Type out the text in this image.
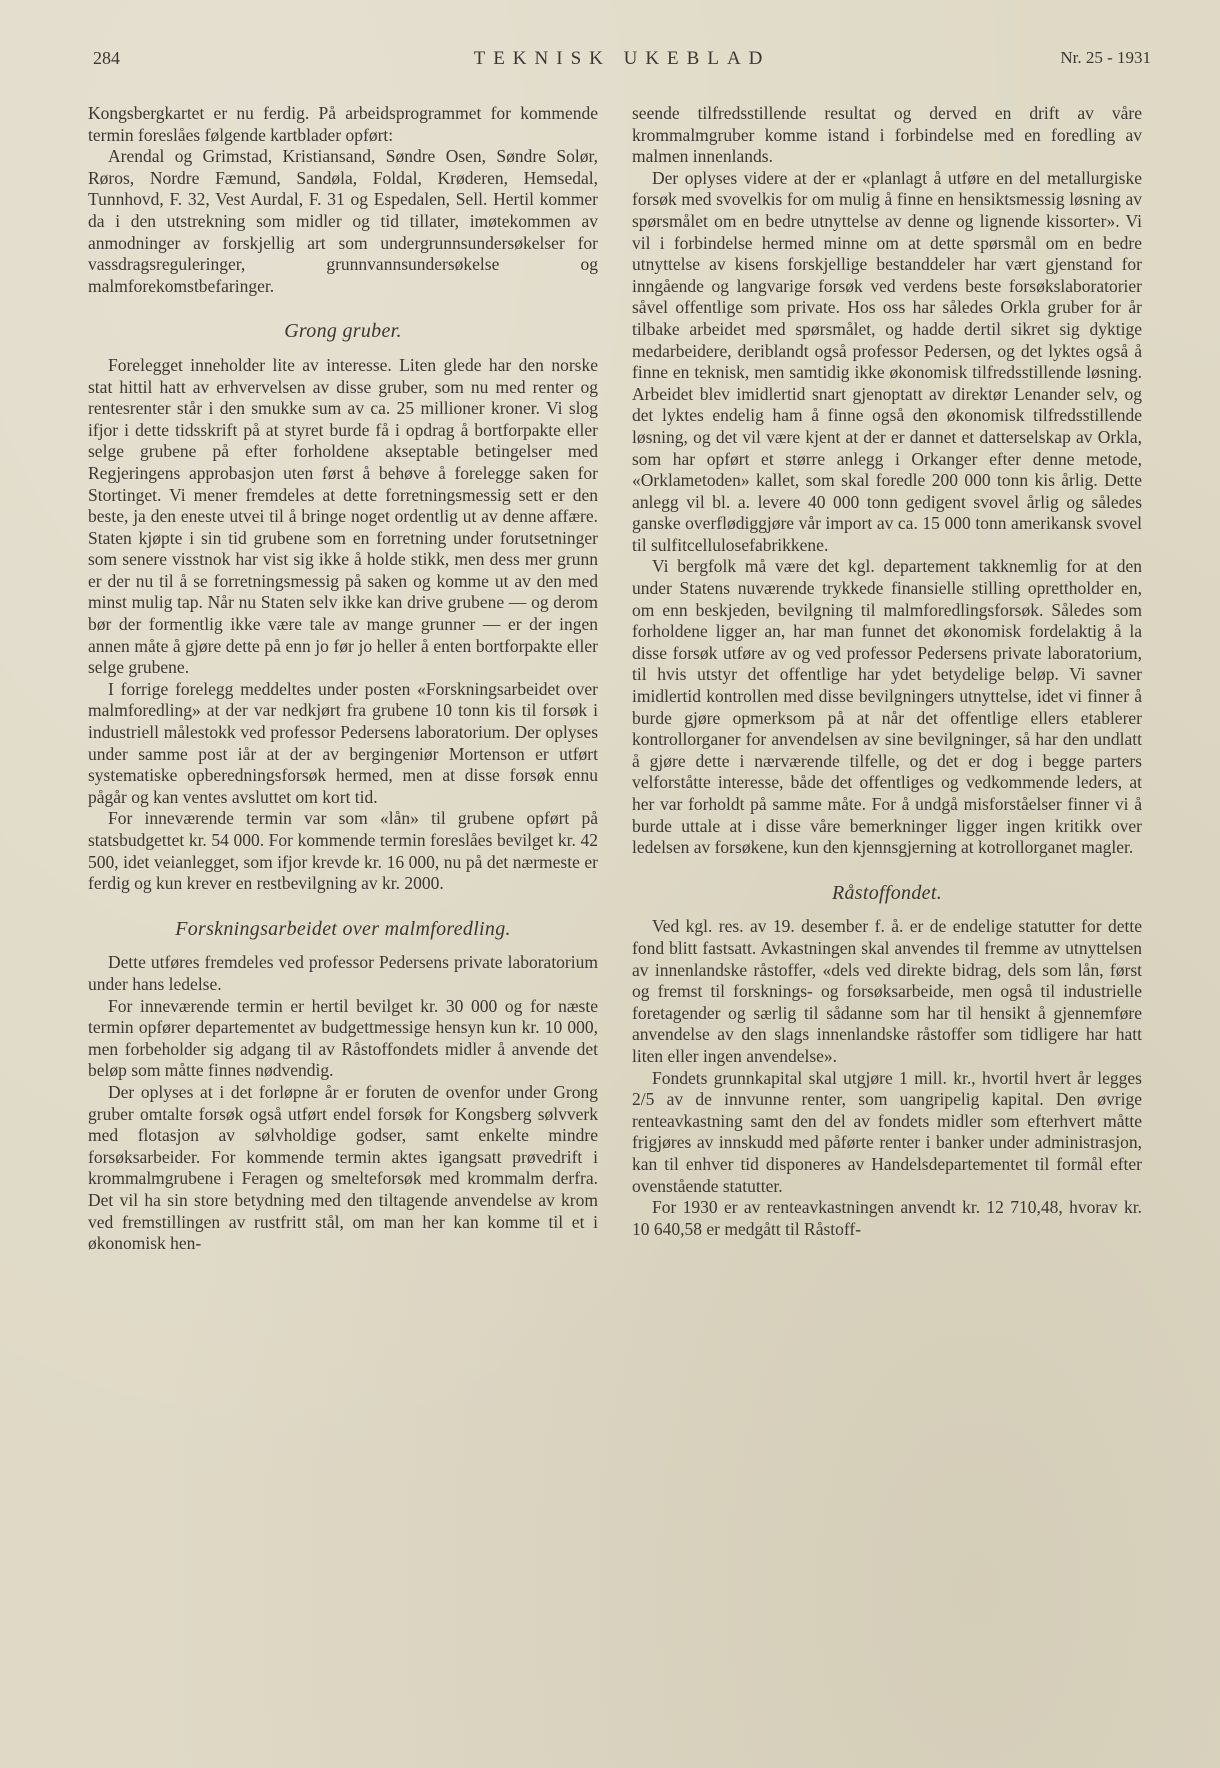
284	TEKNISK UKEBLAD	Nr. 25 - 1931

Kongsbergkartet er nu ferdig. På arbeidsprogrammet for kommende termin foreslåes følgende kartblader opført:

Arendal og Grimstad, Kristiansand, Søndre Osen, Søndre Solør, Røros, Nordre Fæmund, Sandøla, Foldal, Krøderen, Hemsedal, Tunnhovd, F. 32, Vest Aurdal, F. 31 og Espedalen, Sell. Hertil kommer da i den utstrekning som midler og tid tillater, imøtekommen av anmodninger av forskjellig art som undergrunnsundersøkelser for vassdragsreguleringer, grunnvannsundersøkelse og malmforekomstbefaringer.

Grong gruber.

Forelegget inneholder lite av interesse. Liten glede har den norske stat hittil hatt av erhvervelsen av disse gruber, som nu med renter og rentesrenter står i den smukke sum av ca. 25 millioner kroner. Vi slog ifjor i dette tidsskrift på at styret burde få i opdrag å bortforpakte eller selge grubene på efter forholdene akseptable betingelser med Regjeringens approbasjon uten først å behøve å forelegge saken for Stortinget. Vi mener fremdeles at dette forretningsmessig sett er den beste, ja den eneste utvei til å bringe noget ordentlig ut av denne affære. Staten kjøpte i sin tid grubene som en forretning under forutsetninger som senere visstnok har vist sig ikke å holde stikk, men dess mer grunn er der nu til å se forretningsmessig på saken og komme ut av den med minst mulig tap. Når nu Staten selv ikke kan drive grubene — og derom bør der formentlig ikke være tale av mange grunner — er der ingen annen måte å gjøre dette på enn jo før jo heller å enten bortforpakte eller selge grubene.

I forrige forelegg meddeltes under posten «Forskningsarbeidet over malmforedling» at der var nedkjørt fra grubene 10 tonn kis til forsøk i industriell målestokk ved professor Pedersens laboratorium. Der oplyses under samme post iår at der av bergingeniør Mortenson er utført systematiske opberedningsforsøk hermed, men at disse forsøk ennu pågår og kan ventes avsluttet om kort tid.

For inneværende termin var som «lån» til grubene opført på statsbudgettet kr. 54 000. For kommende termin foreslåes bevilget kr. 42 500, idet veianlegget, som ifjor krevde kr. 16 000, nu på det nærmeste er ferdig og kun krever en restbevilgning av kr. 2000.

Forskningsarbeidet over malmforedling.

Dette utføres fremdeles ved professor Pedersens private laboratorium under hans ledelse.

For inneværende termin er hertil bevilget kr. 30 000 og for næste termin opfører departementet av budgettmessige hensyn kun kr. 10 000, men forbeholder sig adgang til av Råstoffondets midler å anvende det beløp som måtte finnes nødvendig.

Der oplyses at i det forløpne år er foruten de ovenfor under Grong gruber omtalte forsøk også utført endel forsøk for Kongsberg sølvverk med flotasjon av sølvholdige godser, samt enkelte mindre forsøksarbeider. For kommende termin aktes igangsatt prøvedrift i krommalmgrubene i Feragen og smelteforsøk med krommalm derfra. Det vil ha sin store betydning med den tiltagende anvendelse av krom ved fremstillingen av rustfritt stål, om man her kan komme til et i økonomisk hen-

seende tilfredsstillende resultat og derved en drift av våre krommalmgruber komme istand i forbindelse med en foredling av malmen innenlands.

Der oplyses videre at der er «planlagt å utføre en del metallurgiske forsøk med svovelkis for om mulig å finne en hensiktsmessig løsning av spørsmålet om en bedre utnyttelse av denne og lignende kissorter». Vi vil i forbindelse hermed minne om at dette spørsmål om en bedre utnyttelse av kisens forskjellige bestanddeler har vært gjenstand for inngående og langvarige forsøk ved verdens beste forsøkslaboratorier såvel offentlige som private. Hos oss har således Orkla gruber for år tilbake arbeidet med spørsmålet, og hadde dertil sikret sig dyktige medarbeidere, deriblandt også professor Pedersen, og det lyktes også å finne en teknisk, men samtidig ikke økonomisk tilfredsstillende løsning. Arbeidet blev imidlertid snart gjenoptatt av direktør Lenander selv, og det lyktes endelig ham å finne også den økonomisk tilfredsstillende løsning, og det vil være kjent at der er dannet et datterselskap av Orkla, som har opført et større anlegg i Orkanger efter denne metode, «Orklametoden» kallet, som skal foredle 200 000 tonn kis årlig. Dette anlegg vil bl. a. levere 40 000 tonn gedigent svovel årlig og således ganske overflødiggjøre vår import av ca. 15 000 tonn amerikansk svovel til sulfitcellulosefabrikkene.

Vi bergfolk må være det kgl. departement takknemlig for at den under Statens nuværende trykkede finansielle stilling oprettholder en, om enn beskjeden, bevilgning til malmforedlingsforsøk. Således som forholdene ligger an, har man funnet det økonomisk fordelaktig å la disse forsøk utføre av og ved professor Pedersens private laboratorium, til hvis utstyr det offentlige har ydet betydelige beløp. Vi savner imidlertid kontrollen med disse bevilgningers utnyttelse, idet vi finner å burde gjøre opmerksom på at når det offentlige ellers etablerer kontrollorganer for anvendelsen av sine bevilgninger, så har den undlatt å gjøre dette i nærværende tilfelle, og det er dog i begge parters velforståtte interesse, både det offentliges og vedkommende leders, at her var forholdt på samme måte. For å undgå misforståelser finner vi å burde uttale at i disse våre bemerkninger ligger ingen kritikk over ledelsen av forsøkene, kun den kjennsgjerning at kotrollorganet magler.

Råstoffondet.

Ved kgl. res. av 19. desember f. å. er de endelige statutter for dette fond blitt fastsatt. Avkastningen skal anvendes til fremme av utnyttelsen av innenlandske råstoffer, «dels ved direkte bidrag, dels som lån, først og fremst til forsknings- og forsøksarbeide, men også til industrielle foretagender og særlig til sådanne som har til hensikt å gjennemføre anvendelse av den slags innenlandske råstoffer som tidligere har hatt liten eller ingen anvendelse».

Fondets grunnkapital skal utgjøre 1 mill. kr., hvortil hvert år legges 2/5 av de innvunne renter, som uangripelig kapital. Den øvrige renteavkastning samt den del av fondets midler som efterhvert måtte frigjøres av innskudd med påførte renter i banker under administrasjon, kan til enhver tid disponeres av Handelsdepartementet til formål efter ovenstående statutter.

For 1930 er av renteavkastningen anvendt kr. 12 710,48, hvorav kr. 10 640,58 er medgått til Råstoff-
